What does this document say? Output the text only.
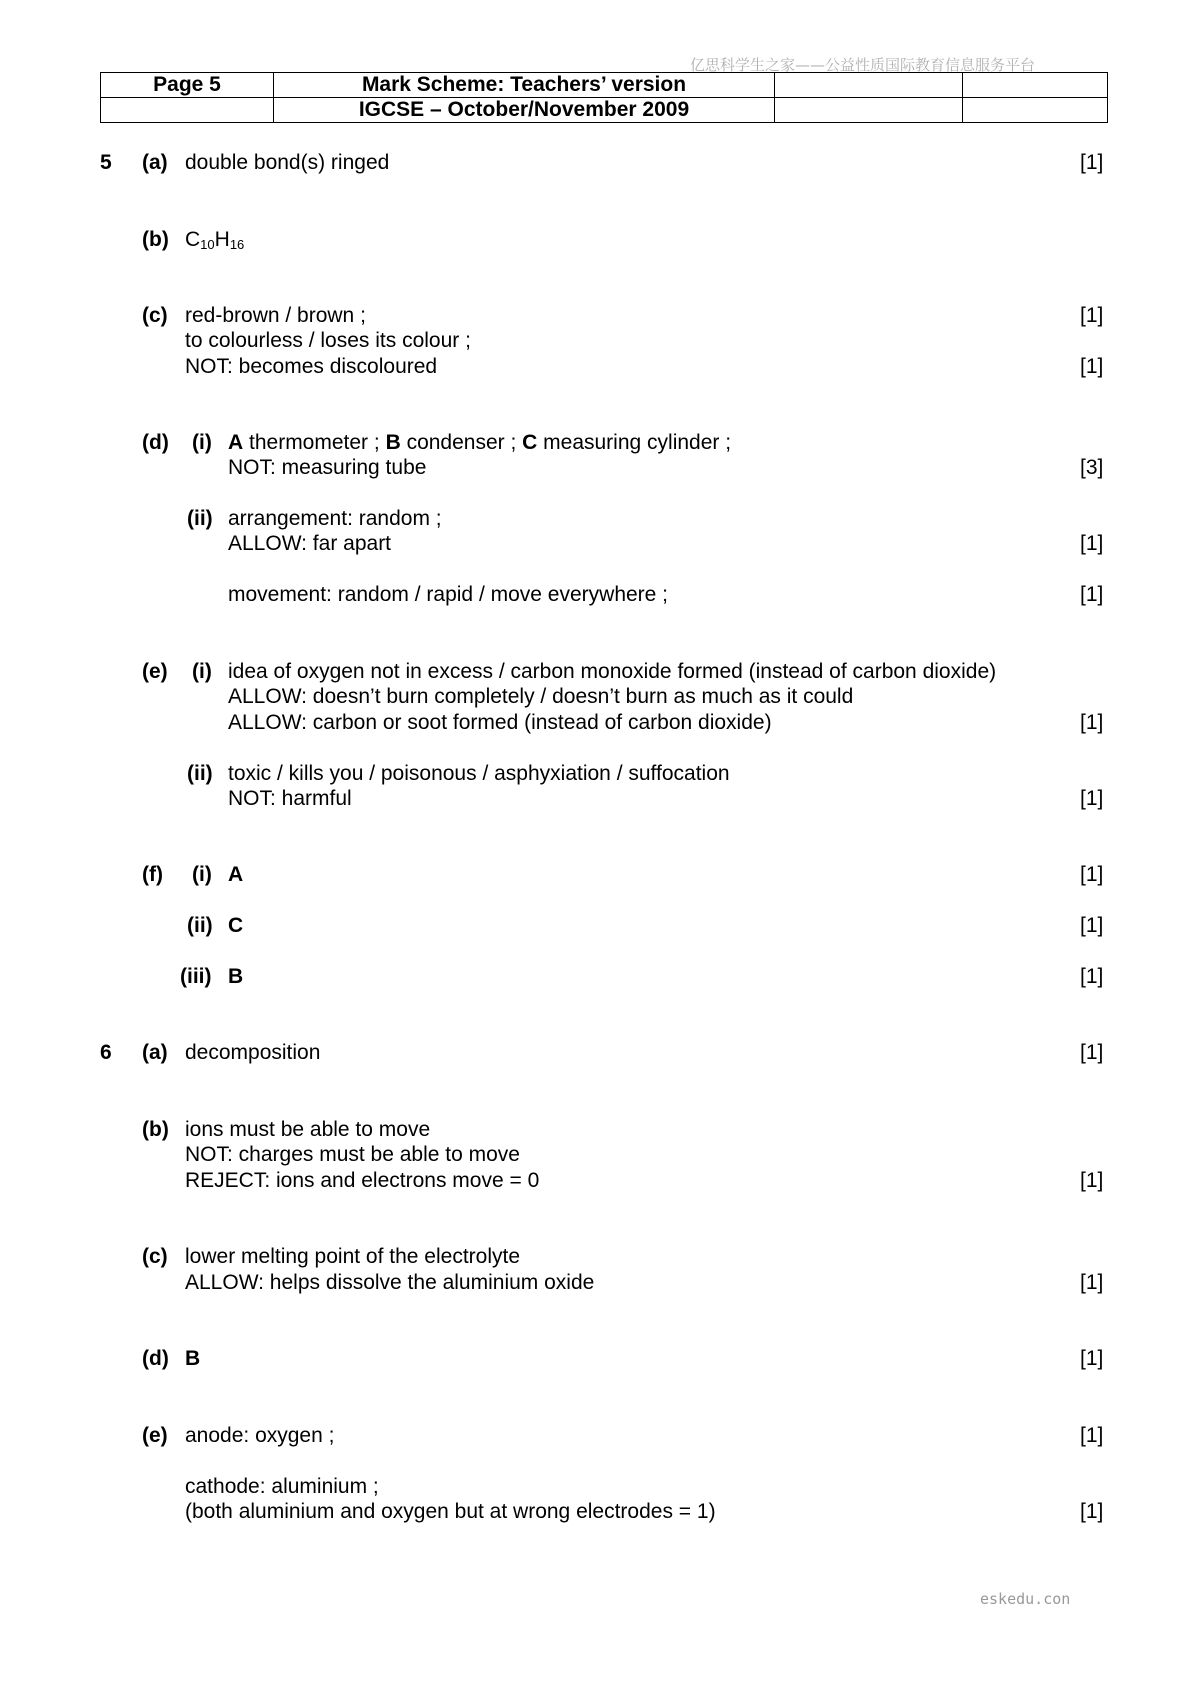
亿思科学生之家——公益性质国际教育信息服务平台
Page 5	Mark Scheme: Teachers’ version		
	IGCSE – October/November 2009		
5 (a) double bond(s) ringed	[1]
(b) $C_{10}H_{16}$
(c) red-brown / brown ;	[1]
to colourless / loses its colour ;
NOT: becomes discoloured	[1]
(d) (i) A thermometer ; B condenser ; C measuring cylinder ;
NOT: measuring tube	[3]
(ii) arrangement: random ;
ALLOW: far apart	[1]
movement: random / rapid / move everywhere ;	[1]
(e) (i) idea of oxygen not in excess / carbon monoxide formed (instead of carbon dioxide)
ALLOW: doesn’t burn completely / doesn’t burn as much as it could
ALLOW: carbon or soot formed (instead of carbon dioxide)	[1]
(ii) toxic / kills you / poisonous / asphyxiation / suffocation
NOT: harmful	[1]
(f) (i) A	[1]
(ii) C	[1]
(iii) B	[1]
6 (a) decomposition	[1]
(b) ions must be able to move
NOT: charges must be able to move
REJECT: ions and electrons move = 0	[1]
(c) lower melting point of the electrolyte
ALLOW: helps dissolve the aluminium oxide	[1]
(d) B	[1]
(e) anode: oxygen ;	[1]
cathode: aluminium ;
(both aluminium and oxygen but at wrong electrodes = 1)	[1]
eskedu.con
